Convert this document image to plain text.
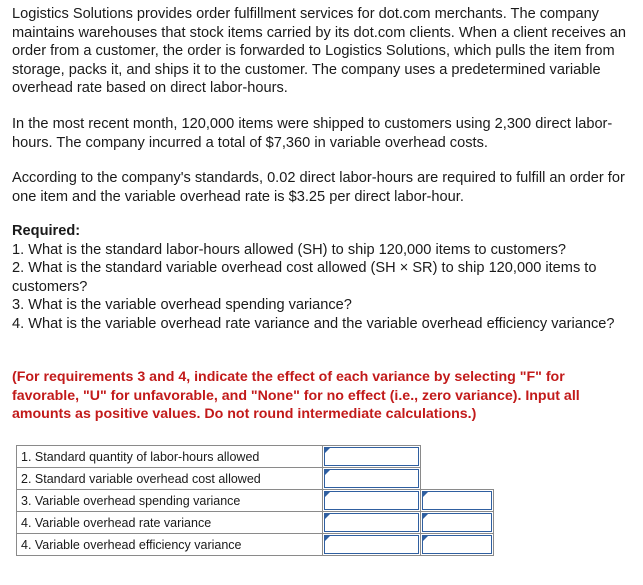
Logistics Solutions provides order fulfillment services for dot.com merchants. The company maintains warehouses that stock items carried by its dot.com clients. When a client receives an order from a customer, the order is forwarded to Logistics Solutions, which pulls the item from storage, packs it, and ships it to the customer. The company uses a predetermined variable overhead rate based on direct labor-hours.

In the most recent month, 120,000 items were shipped to customers using 2,300 direct labor-hours. The company incurred a total of $7,360 in variable overhead costs.

According to the company's standards, 0.02 direct labor-hours are required to fulfill an order for one item and the variable overhead rate is $3.25 per direct labor-hour.

Required:
1. What is the standard labor-hours allowed (SH) to ship 120,000 items to customers?
2. What is the standard variable overhead cost allowed (SH × SR) to ship 120,000 items to customers?
3. What is the variable overhead spending variance?
4. What is the variable overhead rate variance and the variable overhead efficiency variance?

(For requirements 3 and 4, indicate the effect of each variance by selecting "F" for favorable, "U" for unfavorable, and "None" for no effect (i.e., zero variance). Input all amounts as positive values. Do not round intermediate calculations.)

1. Standard quantity of labor-hours allowed	

2. Standard variable overhead cost allowed	

3. Variable overhead spending variance	

4. Variable overhead rate variance	

4. Variable overhead efficiency variance	
